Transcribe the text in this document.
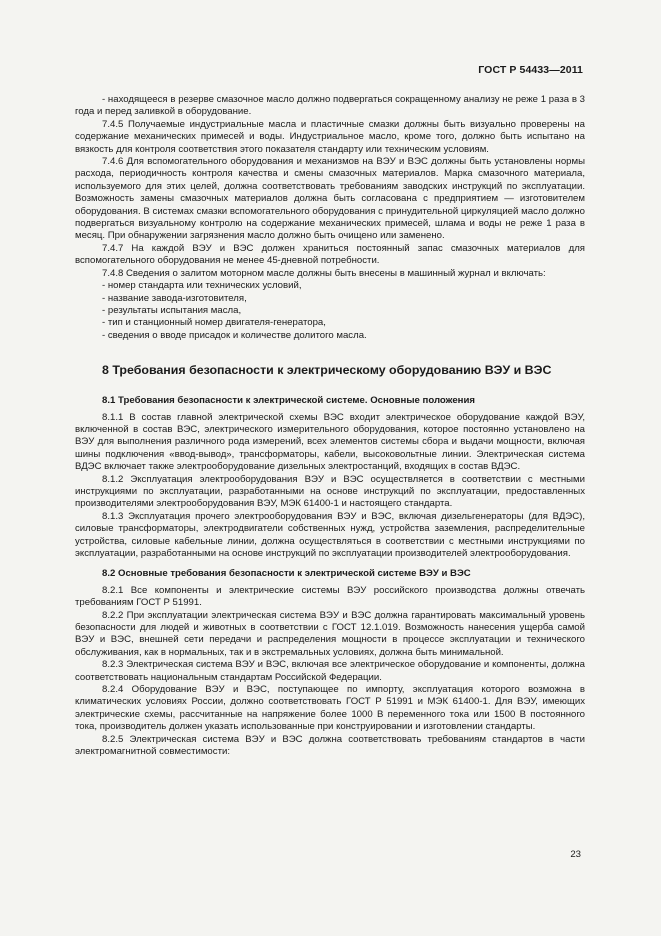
ГОСТ Р 54433—2011

- находящееся в резерве смазочное масло должно подвергаться сокращенному анализу не реже 1 раза в 3 года и перед заливкой в оборудование.

7.4.5 Получаемые индустриальные масла и пластичные смазки должны быть визуально проверены на содержание механических примесей и воды. Индустриальное масло, кроме того, должно быть испытано на вязкость для контроля соответствия этого показателя стандарту или техническим условиям.

7.4.6 Для вспомогательного оборудования и механизмов на ВЭУ и ВЭС должны быть установлены нормы расхода, периодичность контроля качества и смены смазочных материалов. Марка смазочного материала, используемого для этих целей, должна соответствовать требованиям заводских инструкций по эксплуатации. Возможность замены смазочных материалов должна быть согласована с предприятием — изготовителем оборудования. В системах смазки вспомогательного оборудования с принудительной циркуляцией масло должно подвергаться визуальному контролю на содержание механических примесей, шлама и воды не реже 1 раза в месяц. При обнаружении загрязнения масло должно быть очищено или заменено.

7.4.7 На каждой ВЭУ и ВЭС должен храниться постоянный запас смазочных материалов для вспомогательного оборудования не менее 45-дневной потребности.

7.4.8 Сведения о залитом моторном масле должны быть внесены в машинный журнал и включать:

- номер стандарта или технических условий,

- название завода-изготовителя,

- результаты испытания масла,

- тип и станционный номер двигателя-генератора,

- сведения о вводе присадок и количестве долитого масла.

8 Требования безопасности к электрическому оборудованию ВЭУ и ВЭС
8.1 Требования безопасности к электрической системе. Основные положения

8.1.1 В состав главной электрической схемы ВЭС входит электрическое оборудование каждой ВЭУ, включенной в состав ВЭС, электрического измерительного оборудования, которое постоянно установлено на ВЭУ для выполнения различного рода измерений, всех элементов системы сбора и выдачи мощности, включая шины подключения «ввод-вывод», трансформаторы, кабели, высоковольтные линии. Электрическая система ВДЭС включает также электрооборудование дизельных электростанций, входящих в состав ВДЭС.

8.1.2 Эксплуатация электрооборудования ВЭУ и ВЭС осуществляется в соответствии с местными инструкциями по эксплуатации, разработанными на основе инструкций по эксплуатации, предоставленных производителями электрооборудования ВЭУ, МЭК 61400-1 и настоящего стандарта.

8.1.3 Эксплуатация прочего электрооборудования ВЭУ и ВЭС, включая дизельгенераторы (для ВДЭС), силовые трансформаторы, электродвигатели собственных нужд, устройства заземления, распределительные устройства, силовые кабельные линии, должна осуществляться в соответствии с местными инструкциями по эксплуатации, разработанными на основе инструкций по эксплуатации производителей электрооборудования.

8.2 Основные требования безопасности к электрической системе ВЭУ и ВЭС

8.2.1 Все компоненты и электрические системы ВЭУ российского производства должны отвечать требованиям ГОСТ Р 51991.

8.2.2 При эксплуатации электрическая система ВЭУ и ВЭС должна гарантировать максимальный уровень безопасности для людей и животных в соответствии с ГОСТ 12.1.019. Возможность нанесения ущерба самой ВЭУ и ВЭС, внешней сети передачи и распределения мощности в процессе эксплуатации и технического обслуживания, как в нормальных, так и в экстремальных условиях, должна быть минимальной.

8.2.3 Электрическая система ВЭУ и ВЭС, включая все электрическое оборудование и компоненты, должна соответствовать национальным стандартам Российской Федерации.

8.2.4 Оборудование ВЭУ и ВЭС, поступающее по импорту, эксплуатация которого возможна в климатических условиях России, должно соответствовать ГОСТ Р 51991 и МЭК 61400-1. Для ВЭУ, имеющих электрические схемы, рассчитанные на напряжение более 1000 В переменного тока или 1500 В постоянного тока, производитель должен указать использованные при конструировании и изготовлении стандарты.

8.2.5 Электрическая система ВЭУ и ВЭС должна соответствовать требованиям стандартов в части электромагнитной совместимости:

23
